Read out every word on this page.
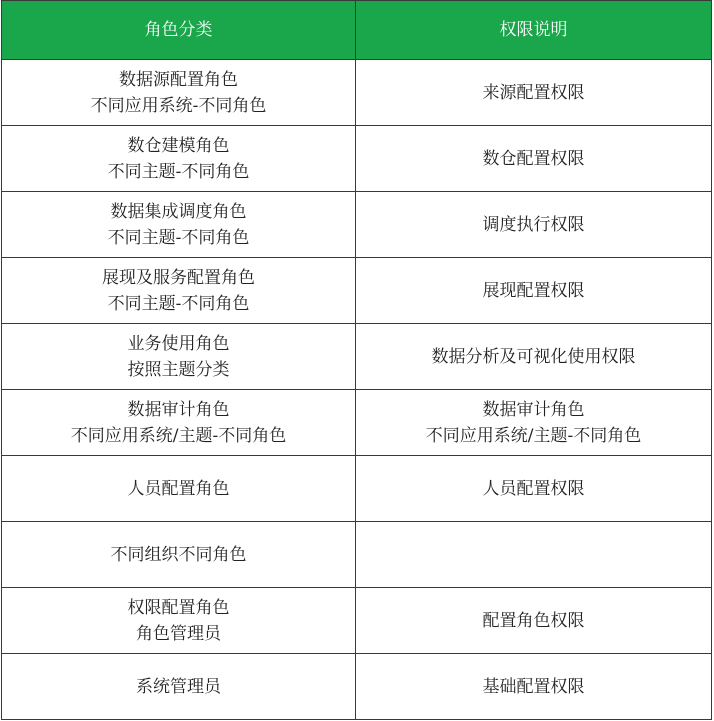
角色分类	权限说明

数据源配置角色
不同应用系统-不同角色	来源配置权限

数仓建模角色
不同主题-不同角色	数仓配置权限

数据集成调度角色
不同主题-不同角色	调度执行权限

展现及服务配置角色
不同主题-不同角色	展现配置权限

业务使用角色
按照主题分类	数据分析及可视化使用权限

数据审计角色
不同应用系统/主题-不同角色	数据审计角色
不同应用系统/主题-不同角色

人员配置角色	人员配置权限

不同组织不同角色	

权限配置角色
角色管理员	配置角色权限

系统管理员	基础配置权限
